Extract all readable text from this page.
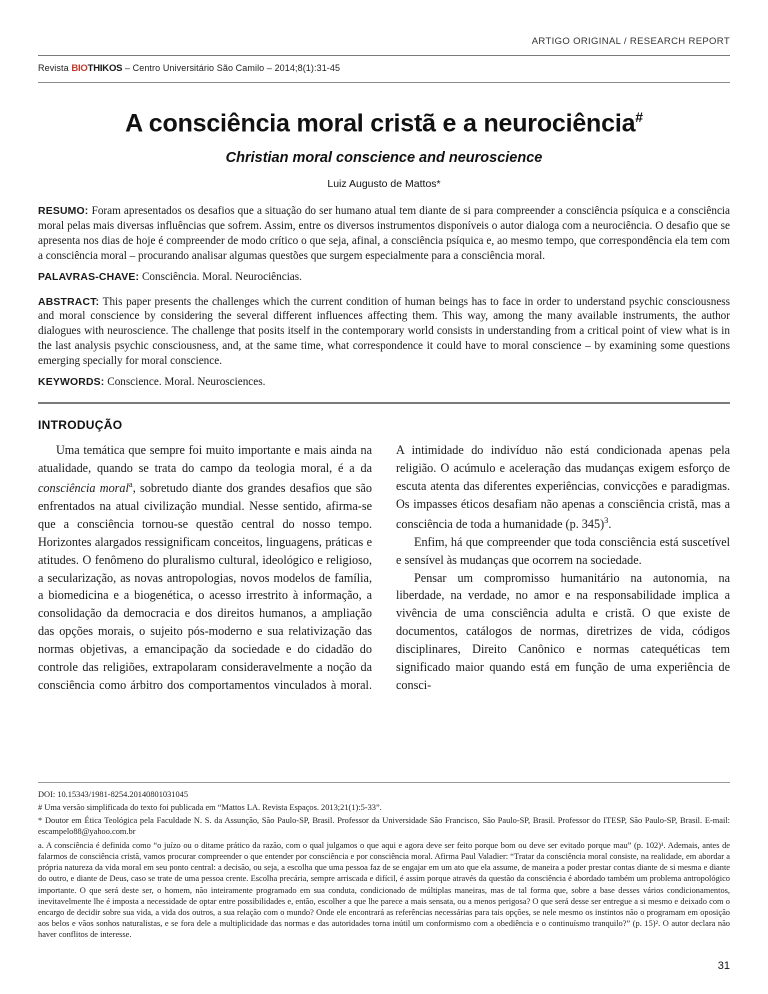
ARTIGO ORIGINAL / RESEARCH REPORT
Revista BIOTHIKOS – Centro Universitário São Camilo – 2014;8(1):31-45
A consciência moral cristã e a neurociência#
Christian moral conscience and neuroscience
Luiz Augusto de Mattos*

RESUMO: Foram apresentados os desafios que a situação do ser humano atual tem diante de si para compreender a consciência psíquica e a consciência moral pelas mais diversas influências que sofrem. Assim, entre os diversos instrumentos disponíveis o autor dialoga com a neurociência. O desafio que se apresenta nos dias de hoje é compreender de modo crítico o que seja, afinal, a consciência psíquica e, ao mesmo tempo, que correspondência ela tem com a consciência moral – procurando analisar algumas questões que surgem especialmente para a consciência moral.

PALAVRAS-CHAVE: Consciência. Moral. Neurociências.

ABSTRACT: This paper presents the challenges which the current condition of human beings has to face in order to understand psychic consciousness and moral conscience by considering the several different influences affecting them. This way, among the many available instruments, the author dialogues with neuroscience. The challenge that posits itself in the contemporary world consists in understanding from a critical point of view what is in the last analysis psychic consciousness, and, at the same time, what correspondence it could have to moral conscience – by examining some questions emerging specially for moral conscience.

KEYWORDS: Conscience. Moral. Neurosciences.

INTRODUÇÃO

Uma temática que sempre foi muito importante e mais ainda na atualidade, quando se trata do campo da teologia moral, é a da consciência moral$^a$, sobretudo diante dos grandes desafios que são enfrentados na atual civilização mundial. Nesse sentido, afirma-se que a consciência tornou-se questão central do nosso tempo. Horizontes alargados ressignificam conceitos, linguagens, práticas e atitudes. O fenômeno do pluralismo cultural, ideológico e religioso, a secularização, as novas antropologias, novos modelos de família, a biomedicina e a biogenética, o acesso irrestrito à informação, a consolidação da democracia e dos direitos humanos, a ampliação das opções morais, o sujeito pós-moderno e sua relativização das normas objetivas, a emancipação da sociedade e do cidadão do controle das religiões, extrapolaram consideravelmente a noção da consciência como árbitro dos comportamentos vinculados à moral. A intimidade do indivíduo não está condicionada apenas pela religião. O acúmulo e aceleração das mudanças exigem esforço de escuta atenta das diferentes experiências, convicções e paradigmas. Os impasses éticos desafiam não apenas a consciência cristã, mas a consciência de toda a humanidade (p. 345)$^3$.

Enfim, há que compreender que toda consciência está suscetível e sensível às mudanças que ocorrem na sociedade.

Pensar um compromisso humanitário na autonomia, na liberdade, na verdade, no amor e na responsabilidade implica a vivência de uma consciência adulta e cristã. O que existe de documentos, catálogos de normas, diretrizes de vida, códigos disciplinares, Direito Canônico e normas catequéticas tem significado maior quando está em função de uma experiência de consci-

DOI: 10.15343/1981-8254.20140801031045

# Uma versão simplificada do texto foi publicada em “Mattos LA. Revista Espaços. 2013;21(1):5-33”.

* Doutor em Ética Teológica pela Faculdade N. S. da Assunção, São Paulo-SP, Brasil. Professor da Universidade São Francisco, São Paulo-SP, Brasil. Professor do ITESP, São Paulo-SP, Brasil. E-mail: escampelo88@yahoo.com.br

a. A consciência é definida como “o juízo ou o ditame prático da razão, com o qual julgamos o que aqui e agora deve ser feito porque bom ou deve ser evitado porque mau” (p. 102)¹. Ademais, antes de falarmos de consciência cristã, vamos procurar compreender o que entender por consciência e por consciência moral. Afirma Paul Valadier: “Tratar da consciência moral consiste, na realidade, em abordar a própria natureza da vida moral em seu ponto central: a decisão, ou seja, a escolha que uma pessoa faz de se engajar em um ato que ela assume, de maneira a poder prestar contas diante de si mesma e diante do outro, e diante de Deus, caso se trate de uma pessoa crente. Escolha precária, sempre arriscada e difícil, é assim porque através da questão da consciência é abordado também um problema antropológico importante. O que será deste ser, o homem, não inteiramente programado em sua conduta, condicionado de múltiplas maneiras, mas de tal forma que, sobre a base desses vários condicionamentos, inevitavelmente lhe é imposta a necessidade de optar entre possibilidades e, então, escolher a que lhe parece a mais sensata, ou a menos perigosa? O que será desse ser entregue a si mesmo e deixado com o encargo de decidir sobre sua vida, a vida dos outros, a sua relação com o mundo? Onde ele encontrará as referências necessárias para tais opções, se nele mesmo os instintos não o programam em oposição aos belos e vãos sonhos naturalistas, e se fora dele a multiplicidade das normas e das autoridades torna inútil um conformismo com a obediência e o continuísmo tranquilo?” (p. 15)². O autor declara não haver conflitos de interesse.

31
